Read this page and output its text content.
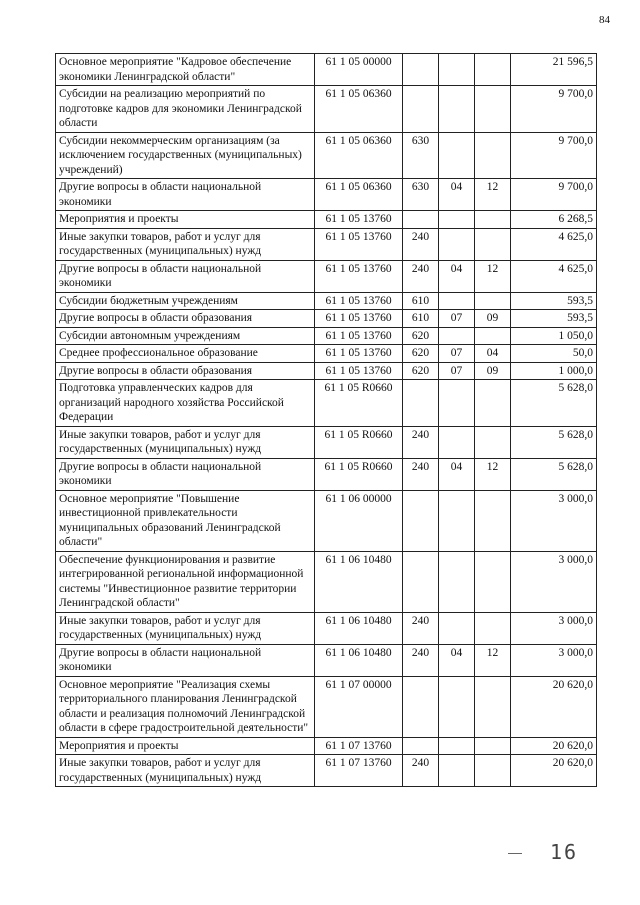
84
Основное мероприятие "Кадровое обеспечение экономики Ленинградской области"	61 1 05 00000				21 596,5
Субсидии на реализацию мероприятий по подготовке кадров для экономики Ленинградской области	61 1 05 06360				9 700,0
Субсидии некоммерческим организациям (за исключением государственных (муниципальных) учреждений)	61 1 05 06360	630			9 700,0
Другие вопросы в области национальной экономики	61 1 05 06360	630	04	12	9 700,0
Мероприятия и проекты	61 1 05 13760				6 268,5
Иные закупки товаров, работ и услуг для государственных (муниципальных) нужд	61 1 05 13760	240			4 625,0
Другие вопросы в области национальной экономики	61 1 05 13760	240	04	12	4 625,0
Субсидии бюджетным учреждениям	61 1 05 13760	610			593,5
Другие вопросы в области образования	61 1 05 13760	610	07	09	593,5
Субсидии автономным учреждениям	61 1 05 13760	620			1 050,0
Среднее профессиональное образование	61 1 05 13760	620	07	04	50,0
Другие вопросы в области образования	61 1 05 13760	620	07	09	1 000,0
Подготовка управленческих кадров для организаций народного хозяйства Российской Федерации	61 1 05 R0660				5 628,0
Иные закупки товаров, работ и услуг для государственных (муниципальных) нужд	61 1 05 R0660	240			5 628,0
Другие вопросы в области национальной экономики	61 1 05 R0660	240	04	12	5 628,0
Основное мероприятие "Повышение инвестиционной привлекательности муниципальных образований Ленинградской области"	61 1 06 00000				3 000,0
Обеспечение функционирования и развитие интегрированной региональной информационной системы "Инвестиционное развитие территории Ленинградской области"	61 1 06 10480				3 000,0
Иные закупки товаров, работ и услуг для государственных (муниципальных) нужд	61 1 06 10480	240			3 000,0
Другие вопросы в области национальной экономики	61 1 06 10480	240	04	12	3 000,0
Основное мероприятие "Реализация схемы территориального планирования Ленинградской области и реализация полномочий Ленинградской области в сфере градостроительной деятельности"	61 1 07 00000				20 620,0
Мероприятия и проекты	61 1 07 13760				20 620,0
Иные закупки товаров, работ и услуг для государственных (муниципальных) нужд	61 1 07 13760	240			20 620,0
16
